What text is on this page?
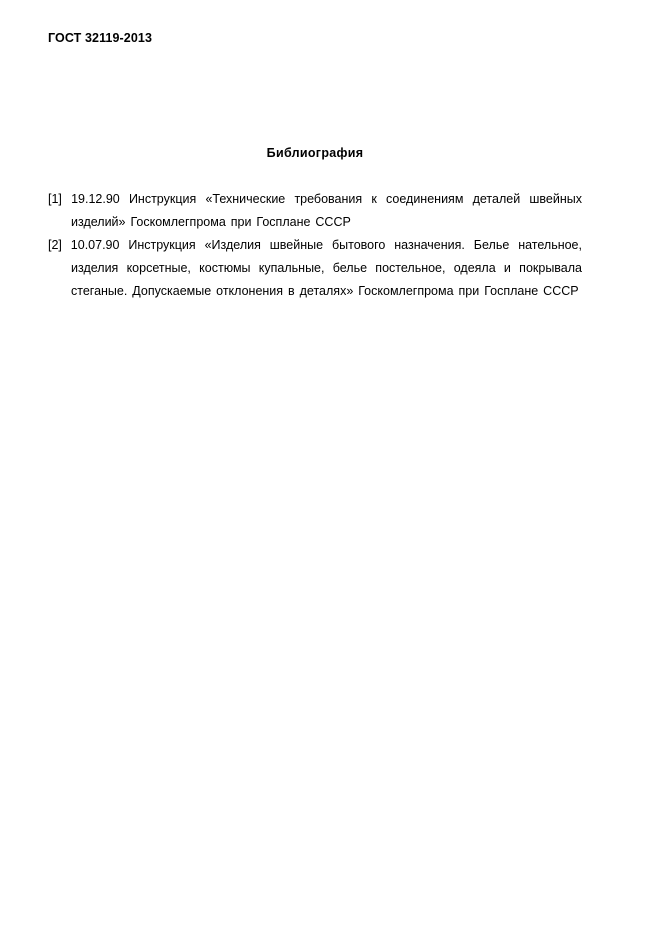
ГОСТ 32119-2013
Библиография
[1] 19.12.90 Инструкция «Технические требования к соединениям деталей швейных изделий» Госкомлегпрома при Госплане СССР
[2] 10.07.90 Инструкция «Изделия швейные бытового назначения. Белье нательное, изделия корсетные, костюмы купальные, белье постельное, одеяла и покрывала стеганые. Допускаемые отклонения в деталях» Госкомлегпрома при Госплане СССР
